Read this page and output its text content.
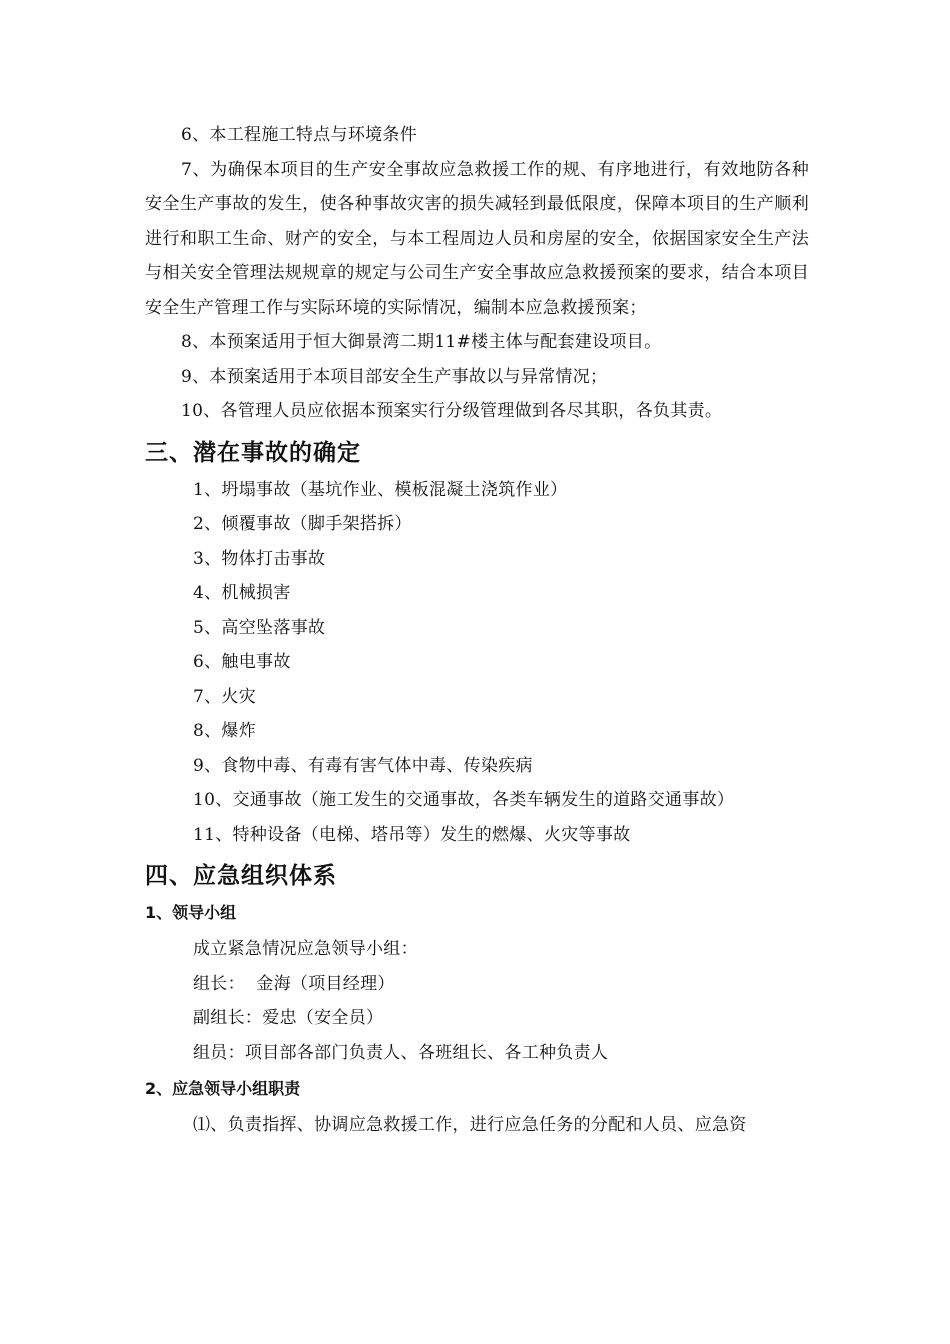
6、本工程施工特点与环境条件

7、为确保本项目的生产安全事故应急救援工作的规、有序地进行，有效地防各种安全生产事故的发生，使各种事故灾害的损失减轻到最低限度，保障本项目的生产顺利进行和职工生命、财产的安全，与本工程周边人员和房屋的安全，依据国家安全生产法与相关安全管理法规规章的规定与公司生产安全事故应急救援预案的要求，结合本项目安全生产管理工作与实际环境的实际情况，编制本应急救援预案；

8、本预案适用于恒大御景湾二期11#楼主体与配套建设项目。

9、本预案适用于本项目部安全生产事故以与异常情况；

10、各管理人员应依据本预案实行分级管理做到各尽其职，各负其责。

三、潜在事故的确定
1、坍塌事故（基坑作业、模板混凝土浇筑作业）
2、倾覆事故（脚手架搭拆）
3、物体打击事故
4、机械损害
5、高空坠落事故
6、触电事故
7、火灾
8、爆炸
9、食物中毒、有毒有害气体中毒、传染疾病
10、交通事故（施工发生的交通事故，各类车辆发生的道路交通事故）
11、特种设备（电梯、塔吊等）发生的燃爆、火灾等事故
四、应急组织体系
1、领导小组
成立紧急情况应急领导小组：
组长：  金海（项目经理）
副组长：爱忠（安全员）
组员：项目部各部门负责人、各班组长、各工种负责人
2、应急领导小组职责
⑴、负责指挥、协调应急救援工作，进行应急任务的分配和人员、应急资
